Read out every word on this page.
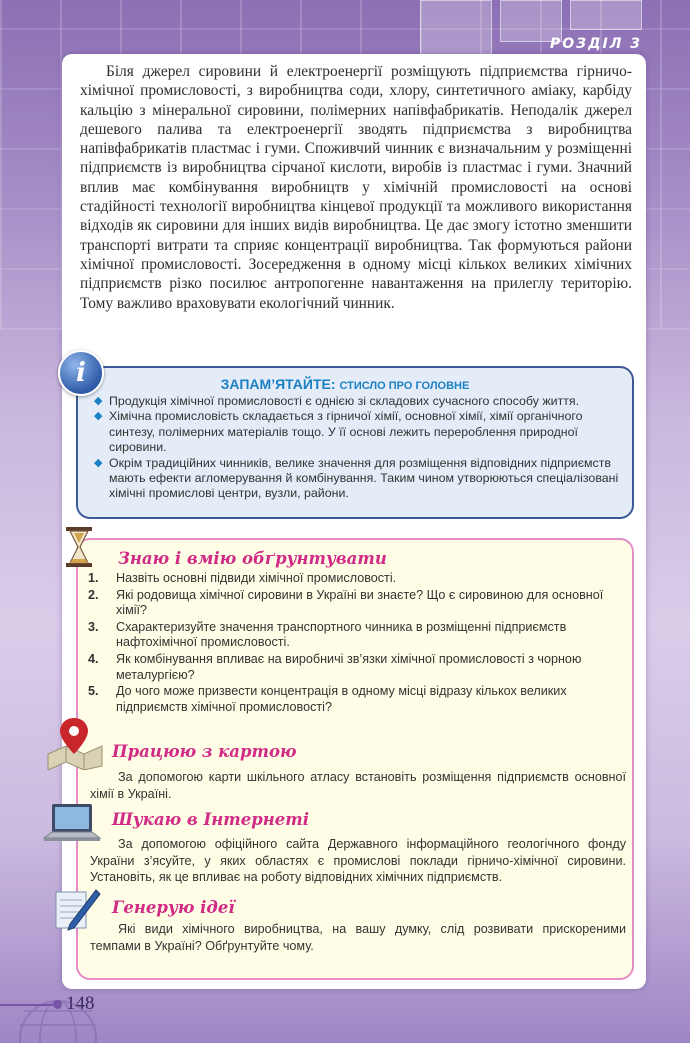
РОЗДІЛ 3

Біля джерел сировини й електроенергії розміщують підприємства гірничо-хімічної промисловості, з виробництва соди, хлору, синтетичного аміаку, карбіду кальцію з мінеральної сировини, полімерних напівфабрикатів. Неподалік джерел дешевого палива та електроенергії зводять підприємства з виробництва напівфабрикатів пластмас і гуми. Споживчий чинник є визначальним у розміщенні підприємств із виробництва сірчаної кислоти, виробів із пластмас і гуми. Значний вплив має комбінування виробництв у хімічній промисловості на основі стадійності технології виробництва кінцевої продукції та можливого використання відходів як сировини для інших видів виробництва. Це дає змогу істотно зменшити транспорті витрати та сприяє концентрації виробництва. Так формуються райони хімічної промисловості. Зосередження в одному місці кількох великих хімічних підприємств різко посилює антропогенне навантаження на прилеглу територію. Тому важливо враховувати екологічний чинник.

i	ЗАПАМ’ЯТАЙТЕ: СТИСЛО ПРО ГОЛОВНЕ
◆ Продукція хімічної промисловості є однією зі складових сучасного способу життя.
◆ Хімічна промисловість складається з гірничої хімії, основної хімії, хімії органічного синтезу, полімерних матеріалів тощо. У її основі лежить перероблення природної сировини.
◆ Окрім традиційних чинників, велике значення для розміщення відповідних підприємств мають ефекти агломерування й комбінування. Таким чином утворюються спеціалізовані хімічні промислові центри, вузли, райони.
Знаю і вмію обґрунтувати
1. Назвіть основні підвиди хімічної промисловості.
2. Які родовища хімічної сировини в Україні ви знаєте? Що є сировиною для основної хімії?
3. Схарактеризуйте значення транспортного чинника в розміщенні підприємств нафтохімічної промисловості.
4. Як комбінування впливає на виробничі зв’язки хімічної промисловості з чорною металургією?
5. До чого може призвести концентрація в одному місці відразу кількох великих підприємств хімічної промисловості?
Працюю з картою

За допомогою карти шкільного атласу встановіть розміщення підприємств основної хімії в Україні.

Шукаю в Інтернеті

За допомогою офіційного сайта Державного інформаційного геологічного фонду України з’ясуйте, у яких областях є промислові поклади гірничо-хімічної сировини. Установіть, як це впливає на роботу відповідних хімічних підприємств.

Генерую ідеї

Які види хімічного виробництва, на вашу думку, слід розвивати прискореними темпами в Україні? Обґрунтуйте чому.

148
